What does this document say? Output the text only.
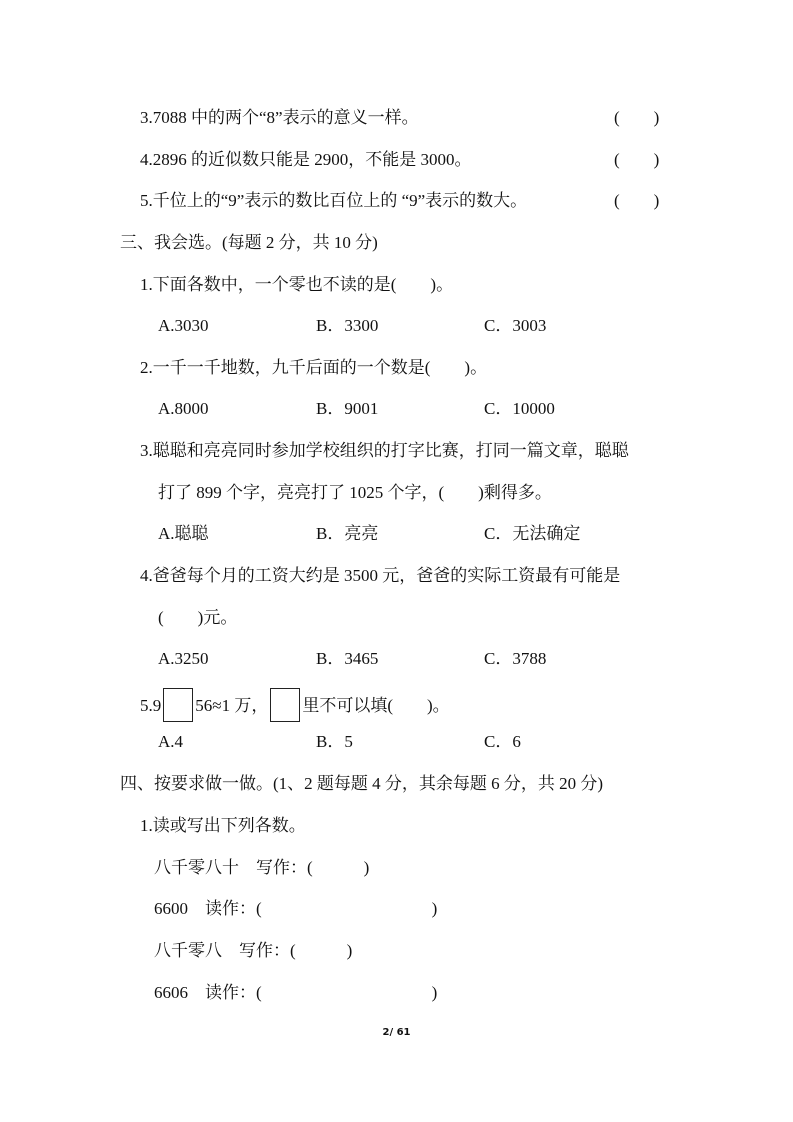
3.7088 中的两个“8”表示的意义一样。	(　　)
4.2896 的近似数只能是 2900，不能是 3000。	(　　)
5.千位上的“9”表示的数比百位上的 “9”表示的数大。	(　　)
三、我会选。(每题 2 分，共 10 分)
1.下面各数中，一个零也不读的是(　　)。
A.3030	B．3300	C．3003
2.一千一千地数，九千后面的一个数是(　　)。
A.8000	B．9001	C．10000
3.聪聪和亮亮同时参加学校组织的打字比赛，打同一篇文章，聪聪
打了 899 个字，亮亮打了 1025 个字，(　　)剩得多。
A.聪聪	B．亮亮	C．无法确定
4.爸爸每个月的工资大约是 3500 元，爸爸的实际工资最有可能是
(　　)元。
A.3250	B．3465	C．3788
5.9 56≈1 万， 里不可以填(　　)。
A.4	B．5	C．6
四、按要求做一做。(1、2 题每题 4 分，其余每题 6 分，共 20 分)
1.读或写出下列各数。
八千零八十　写作：(　　　)
6600　读作：(　　　　　　　　　　)
八千零八　写作：(　　　)
6606　读作：(　　　　　　　　　　)
2/ 61
